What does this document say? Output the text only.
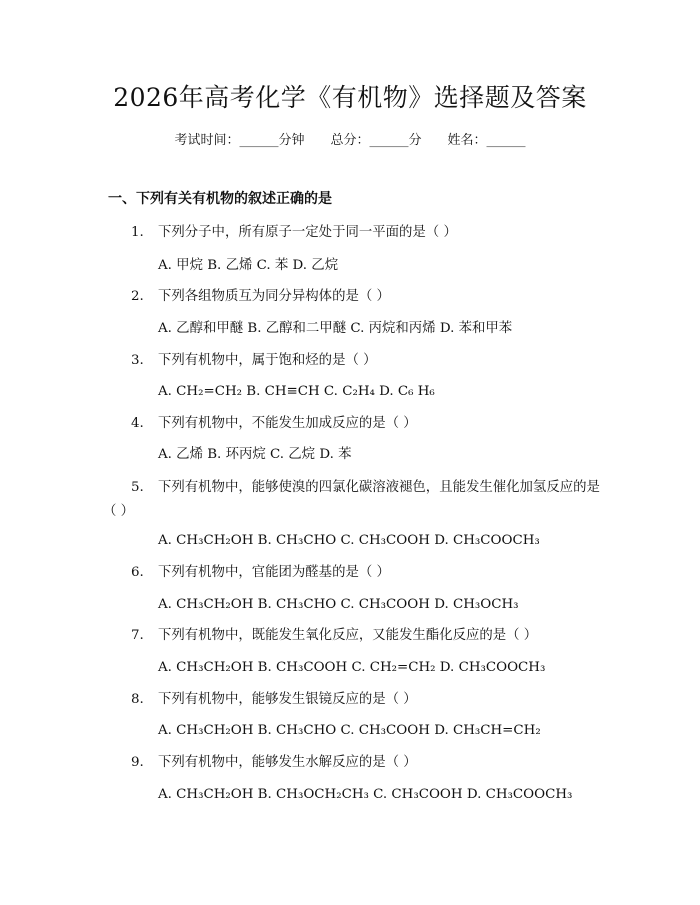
2026年高考化学《有机物》选择题及答案
考试时间：______分钟 总分：______分 姓名：______
一、下列有关有机物的叙述正确的是
1. 下列分子中，所有原子一定处于同一平面的是（ ）
A. 甲烷 B. 乙烯 C. 苯 D. 乙烷
2. 下列各组物质互为同分异构体的是（ ）
A. 乙醇和甲醚 B. 乙醇和二甲醚 C. 丙烷和丙烯 D. 苯和甲苯
3. 下列有机物中，属于饱和烃的是（ ）
A. CH₂=CH₂ B. CH≡CH C. C₂H₄ D. C₆ H₆
4. 下列有机物中，不能发生加成反应的是（ ）
A. 乙烯 B. 环丙烷 C. 乙烷 D. 苯
5. 下列有机物中，能够使溴的四氯化碳溶液褪色，且能发生催化加氢反应的是（ ）
A. CH₃CH₂OH B. CH₃CHO C. CH₃COOH D. CH₃COOCH₃
6. 下列有机物中，官能团为醛基的是（ ）
A. CH₃CH₂OH B. CH₃CHO C. CH₃COOH D. CH₃OCH₃
7. 下列有机物中，既能发生氧化反应，又能发生酯化反应的是（ ）
A. CH₃CH₂OH B. CH₃COOH C. CH₂=CH₂ D. CH₃COOCH₃
8. 下列有机物中，能够发生银镜反应的是（ ）
A. CH₃CH₂OH B. CH₃CHO C. CH₃COOH D. CH₃CH=CH₂
9. 下列有机物中，能够发生水解反应的是（ ）
A. CH₃CH₂OH B. CH₃OCH₂CH₃ C. CH₃COOH D. CH₃COOCH₃
